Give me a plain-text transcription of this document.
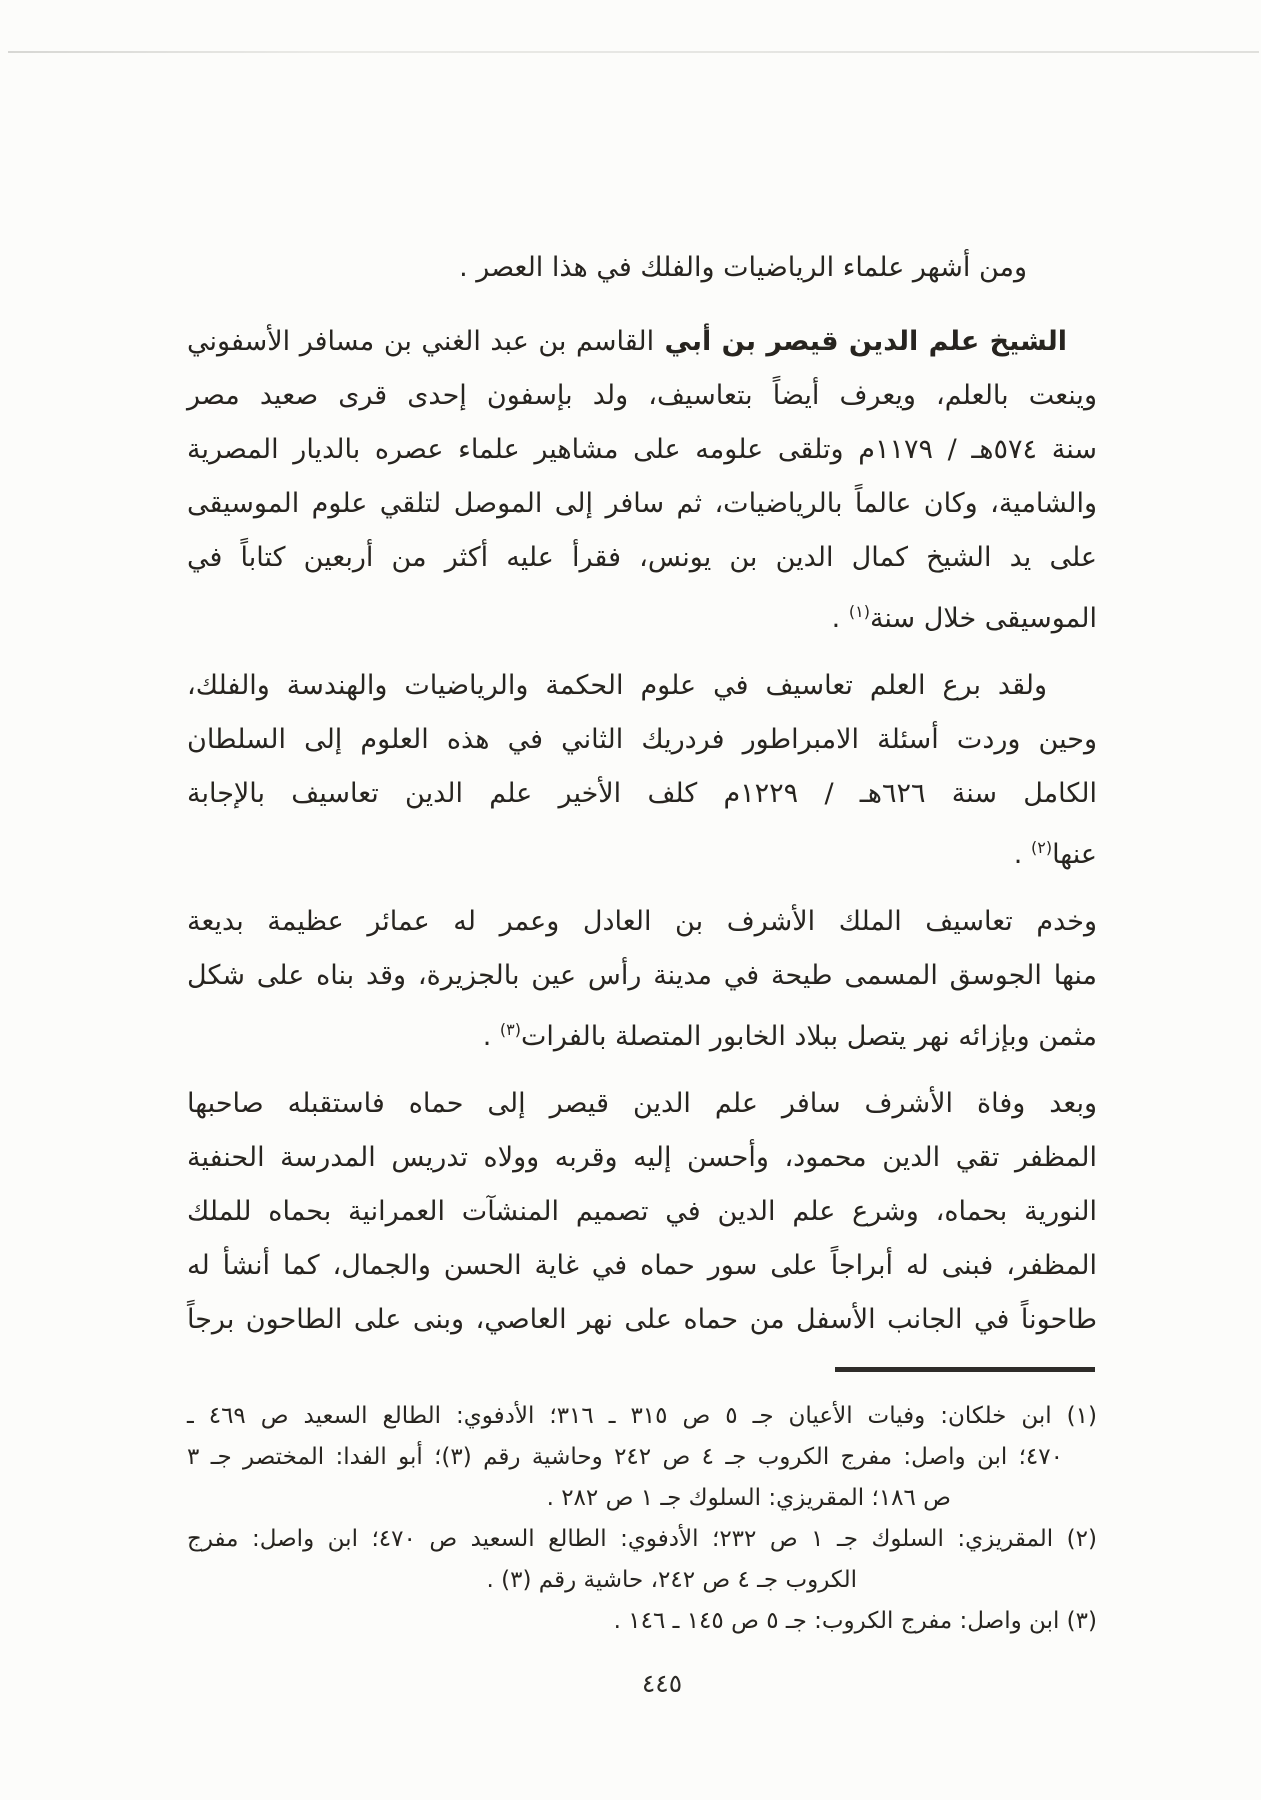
ومن أشهر علماء الرياضيات والفلك في هذا العصر .
الشيخ علم الدين قيصر بن أبي القاسم بن عبد الغني بن مسافر الأسفوني
وينعت بالعلم، ويعرف أيضاً بتعاسيف، ولد بإسفون إحدى قرى صعيد مصر
سنة ٥٧٤هـ / ١١٧٩م وتلقى علومه على مشاهير علماء عصره بالديار المصرية
والشامية، وكان عالماً بالرياضيات، ثم سافر إلى الموصل لتلقي علوم الموسيقى
على يد الشيخ كمال الدين بن يونس، فقرأ عليه أكثر من أربعين كتاباً في
الموسيقى خلال سنة$^{(١)}$ .
ولقد برع العلم تعاسيف في علوم الحكمة والرياضيات والهندسة والفلك،
وحين وردت أسئلة الامبراطور فردريك الثاني في هذه العلوم إلى السلطان
الكامل سنة ٦٢٦هـ / ١٢٢٩م كلف الأخير علم الدين تعاسيف بالإجابة
عنها$^{(٢)}$ .
وخدم تعاسيف الملك الأشرف بن العادل وعمر له عمائر عظيمة بديعة
منها الجوسق المسمى طيحة في مدينة رأس عين بالجزيرة، وقد بناه على شكل
مثمن وبإزائه نهر يتصل ببلاد الخابور المتصلة بالفرات$^{(٣)}$ .
وبعد وفاة الأشرف سافر علم الدين قيصر إلى حماه فاستقبله صاحبها
المظفر تقي الدين محمود، وأحسن إليه وقربه وولاه تدريس المدرسة الحنفية
النورية بحماه، وشرع علم الدين في تصميم المنشآت العمرانية بحماه للملك
المظفر، فبنى له أبراجاً على سور حماه في غاية الحسن والجمال، كما أنشأ له
طاحوناً في الجانب الأسفل من حماه على نهر العاصي، وبنى على الطاحون برجاً
(١) ابن خلكان: وفيات الأعيان جـ ٥ ص ٣١٥ ـ ٣١٦؛ الأدفوي: الطالع السعيد ص ٤٦٩ ـ
٤٧٠؛ ابن واصل: مفرج الكروب جـ ٤ ص ٢٤٢ وحاشية رقم (٣)؛ أبو الفدا: المختصر جـ ٣
ص ١٨٦؛ المقريزي: السلوك جـ ١ ص ٢٨٢ .
(٢) المقريزي: السلوك جـ ١ ص ٢٣٢؛ الأدفوي: الطالع السعيد ص ٤٧٠؛ ابن واصل: مفرج
الكروب جـ ٤ ص ٢٤٢، حاشية رقم (٣) .
(٣) ابن واصل: مفرج الكروب: جـ ٥ ص ١٤٥ ـ ١٤٦ .
٤٤٥
